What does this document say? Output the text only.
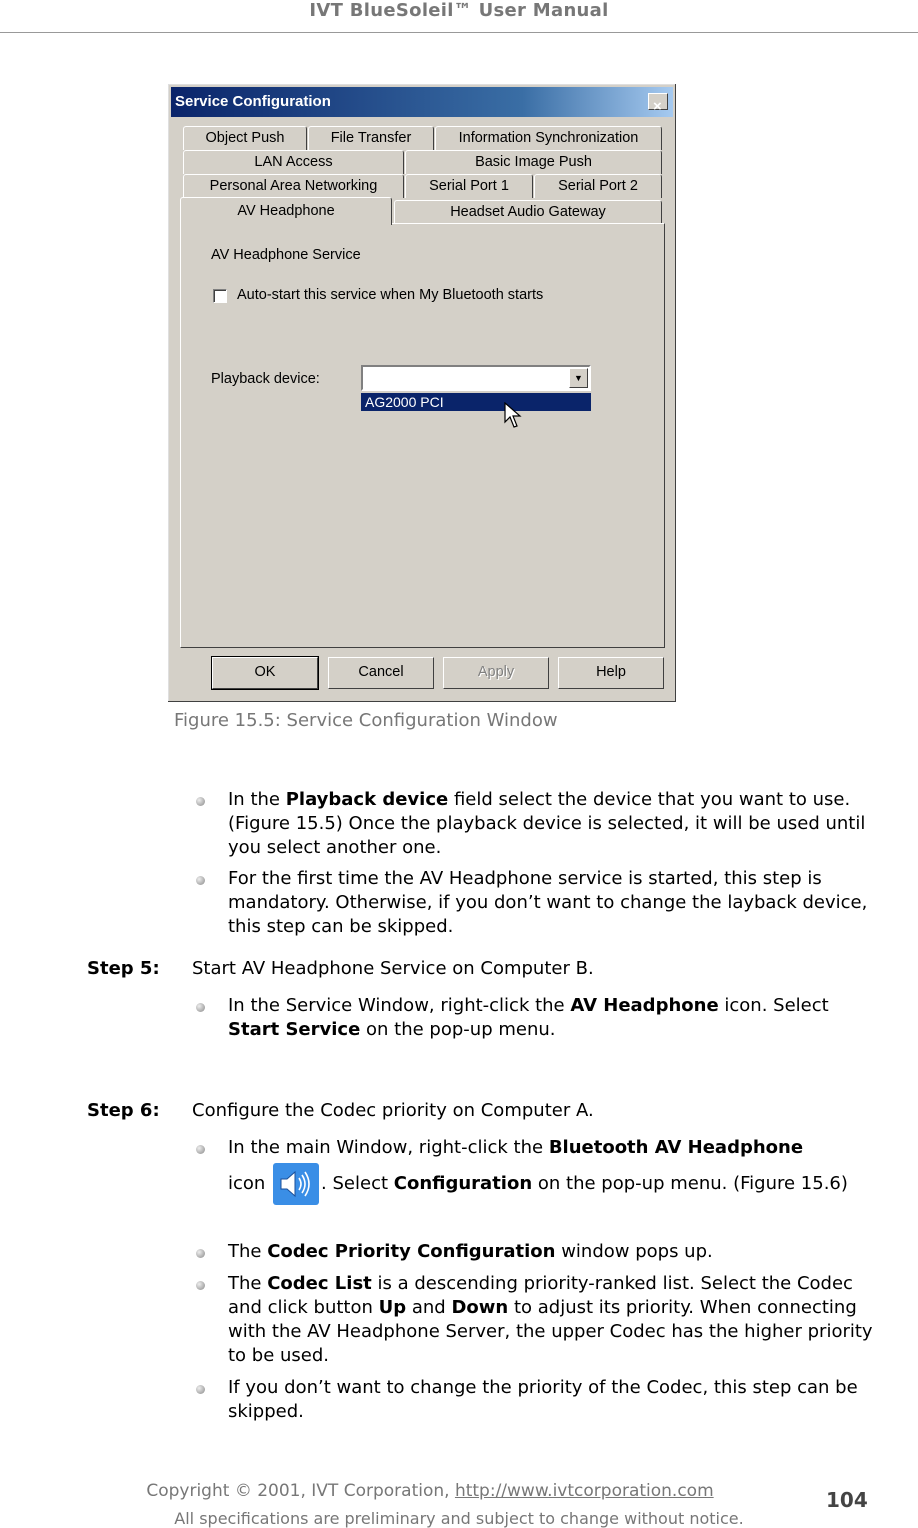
IVT BlueSoleil™ User Manual
Service Configuration	×
Object Push	File Transfer	Information Synchronization
LAN Access	Basic Image Push
Personal Area Networking	Serial Port 1	Serial Port 2
AV Headphone	Headset Audio Gateway
AV Headphone Service
Auto-start this service when My Bluetooth starts
Playback device:	▼
AG2000 PCI
OK	Cancel	Apply	Help
Figure 15.5: Service Configuration Window
In the Playback device field select the device that you want to use. (Figure 15.5) Once the playback device is selected, it will be used until you select another one.
For the first time the AV Headphone service is started, this step is mandatory. Otherwise, if you don’t want to change the layback device, this step can be skipped.
Step 5: Start AV Headphone Service on Computer B.
In the Service Window, right-click the AV Headphone icon. Select Start Service on the pop-up menu.
Step 6: Configure the Codec priority on Computer A.
In the main Window, right-click the Bluetooth AV Headphone
icon	. Select Configuration on the pop-up menu. (Figure 15.6)
The Codec Priority Configuration window pops up.
The Codec List is a descending priority-ranked list. Select the Codec and click button Up and Down to adjust its priority. When connecting with the AV Headphone Server, the upper Codec has the higher priority to be used.
If you don’t want to change the priority of the Codec, this step can be skipped.
Copyright © 2001, IVT Corporation, http://www.ivtcorporation.com
All specifications are preliminary and subject to change without notice.
104
